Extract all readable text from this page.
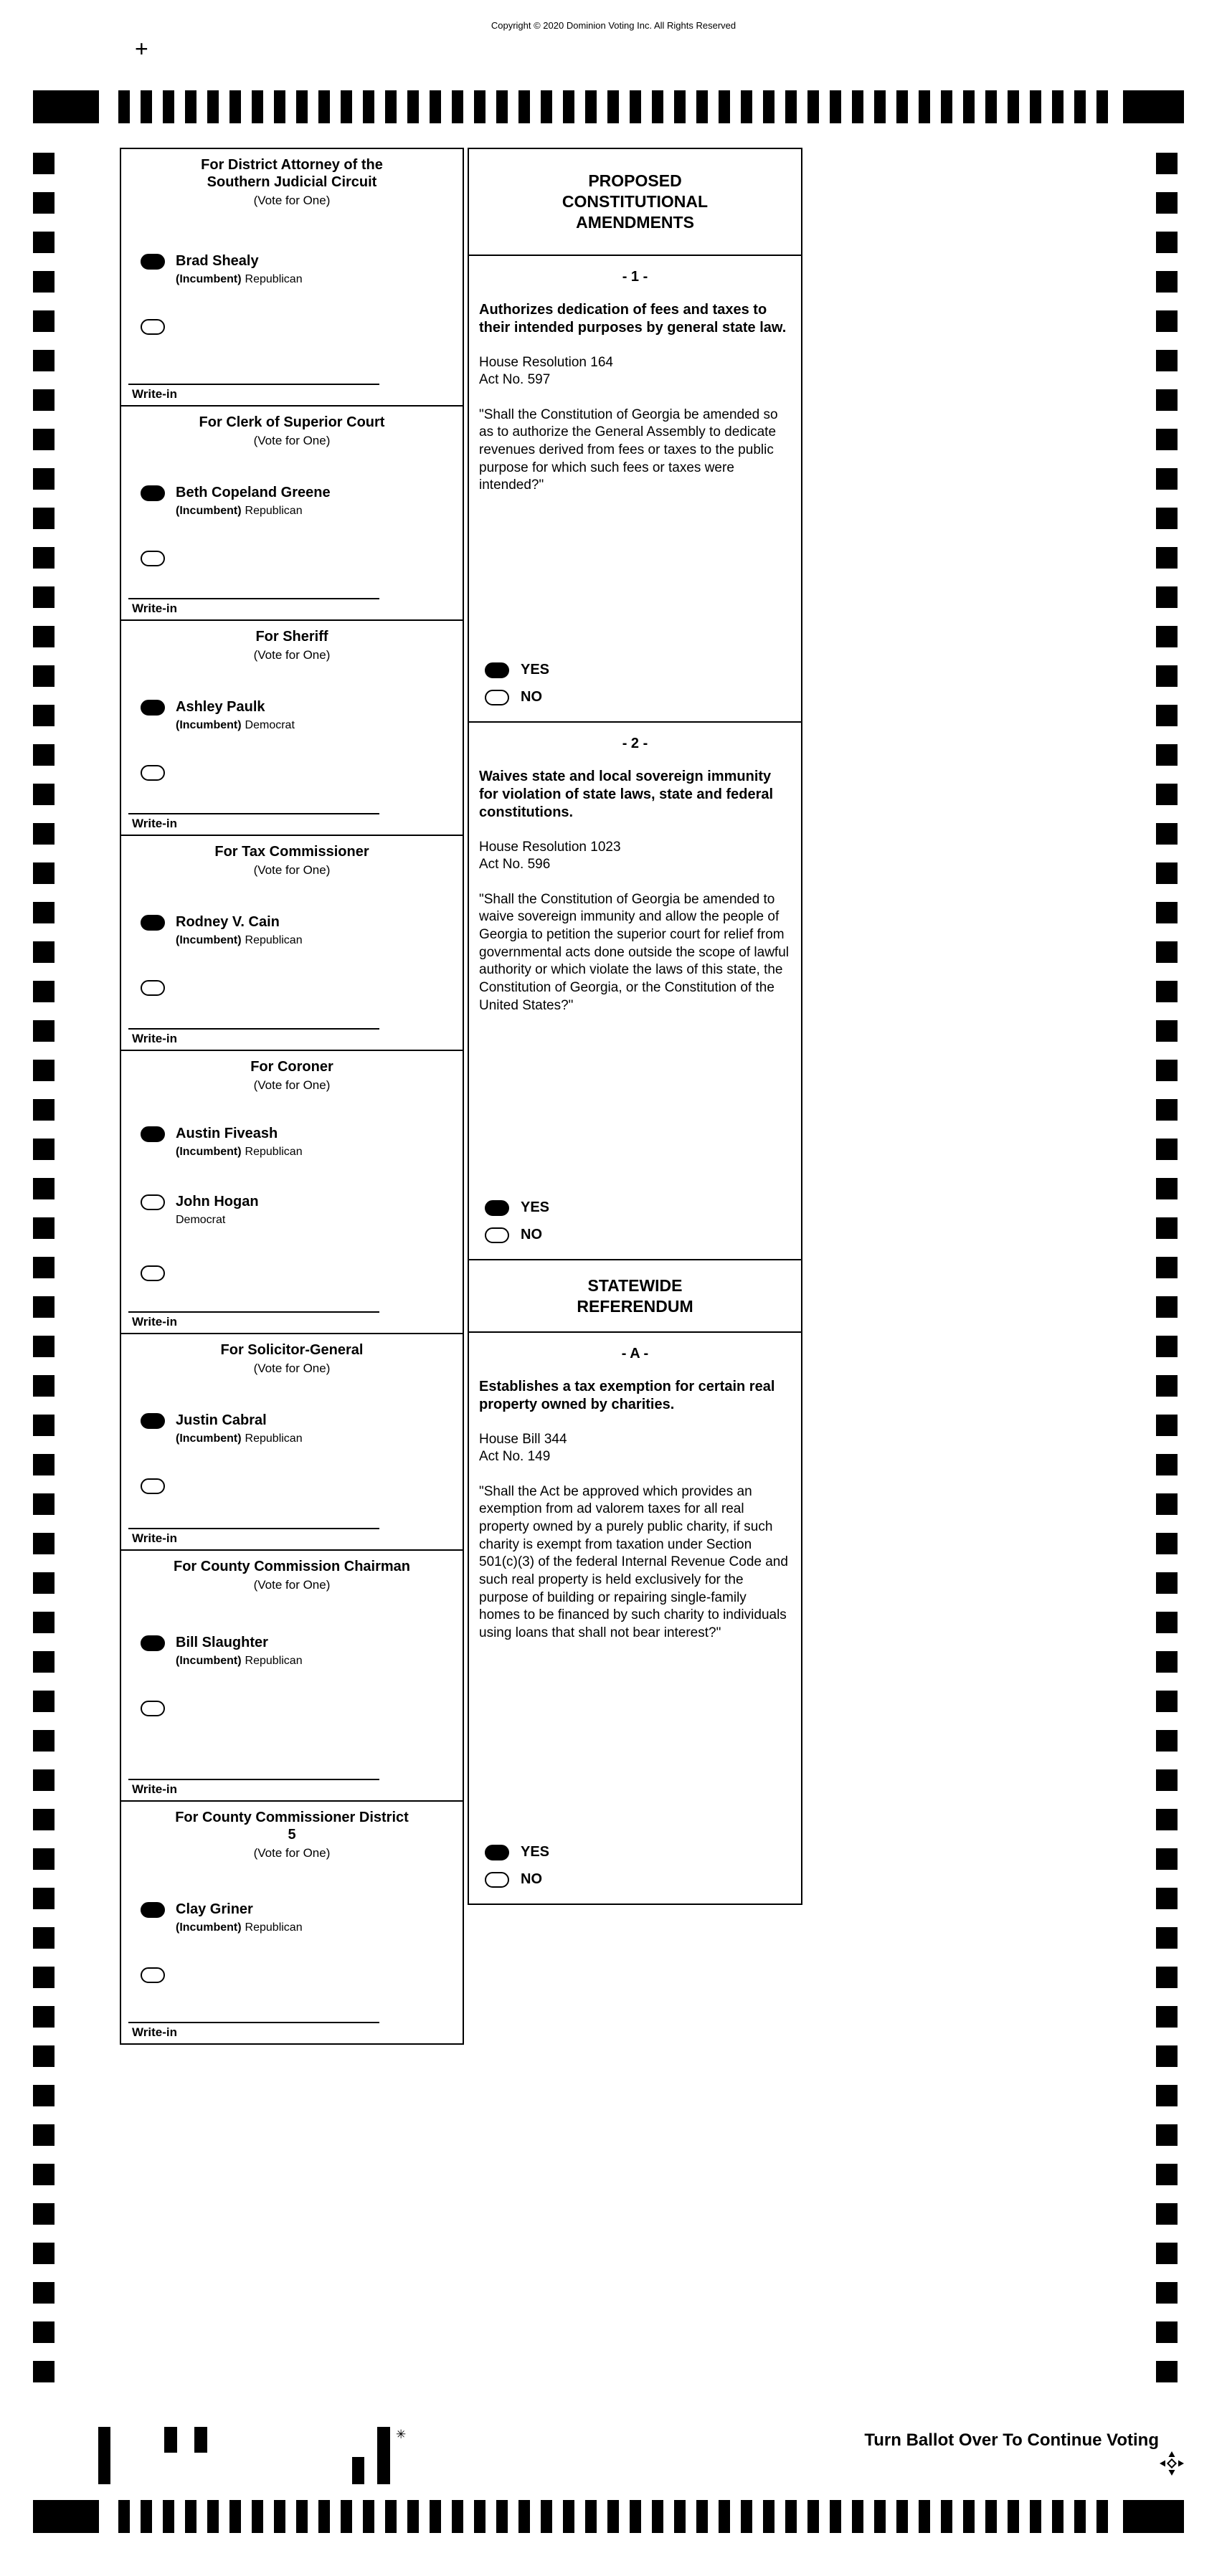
Copyright © 2020 Dominion Voting Inc. All Rights Reserved
+
For District Attorney of the Southern Judicial Circuit
(Vote for One)
Brad Shealy
(Incumbent) Republican
Write-in
For Clerk of Superior Court
(Vote for One)
Beth Copeland Greene
(Incumbent) Republican
Write-in
For Sheriff
(Vote for One)
Ashley Paulk
(Incumbent) Democrat
Write-in
For Tax Commissioner
(Vote for One)
Rodney V. Cain
(Incumbent) Republican
Write-in
For Coroner
(Vote for One)
Austin Fiveash
(Incumbent) Republican
John Hogan
Democrat
Write-in
For Solicitor-General
(Vote for One)
Justin Cabral
(Incumbent) Republican
Write-in
For County Commission Chairman
(Vote for One)
Bill Slaughter
(Incumbent) Republican
Write-in
For County Commissioner District 5
(Vote for One)
Clay Griner
(Incumbent) Republican
Write-in
PROPOSED CONSTITUTIONAL AMENDMENTS
- 1 -
Authorizes dedication of fees and taxes to their intended purposes by general state law.
House Resolution 164
Act No. 597
"Shall the Constitution of Georgia be amended so as to authorize the General Assembly to dedicate revenues derived from fees or taxes to the public purpose for which such fees or taxes were intended?"
YES
NO
- 2 -
Waives state and local sovereign immunity for violation of state laws, state and federal constitutions.
House Resolution 1023
Act No. 596
"Shall the Constitution of Georgia be amended to waive sovereign immunity and allow the people of Georgia to petition the superior court for relief from governmental acts done outside the scope of lawful authority or which violate the laws of this state, the Constitution of Georgia, or the Constitution of the United States?"
YES
NO
STATEWIDE REFERENDUM
- A -
Establishes a tax exemption for certain real property owned by charities.
House Bill 344
Act No. 149
"Shall the Act be approved which provides an exemption from ad valorem taxes for all real property owned by a purely public charity, if such charity is exempt from taxation under Section 501(c)(3) of the federal Internal Revenue Code and such real property is held exclusively for the purpose of building or repairing single-family homes to be financed by such charity to individuals using loans that shall not bear interest?"
YES
NO
✳	Turn Ballot Over To Continue Voting
